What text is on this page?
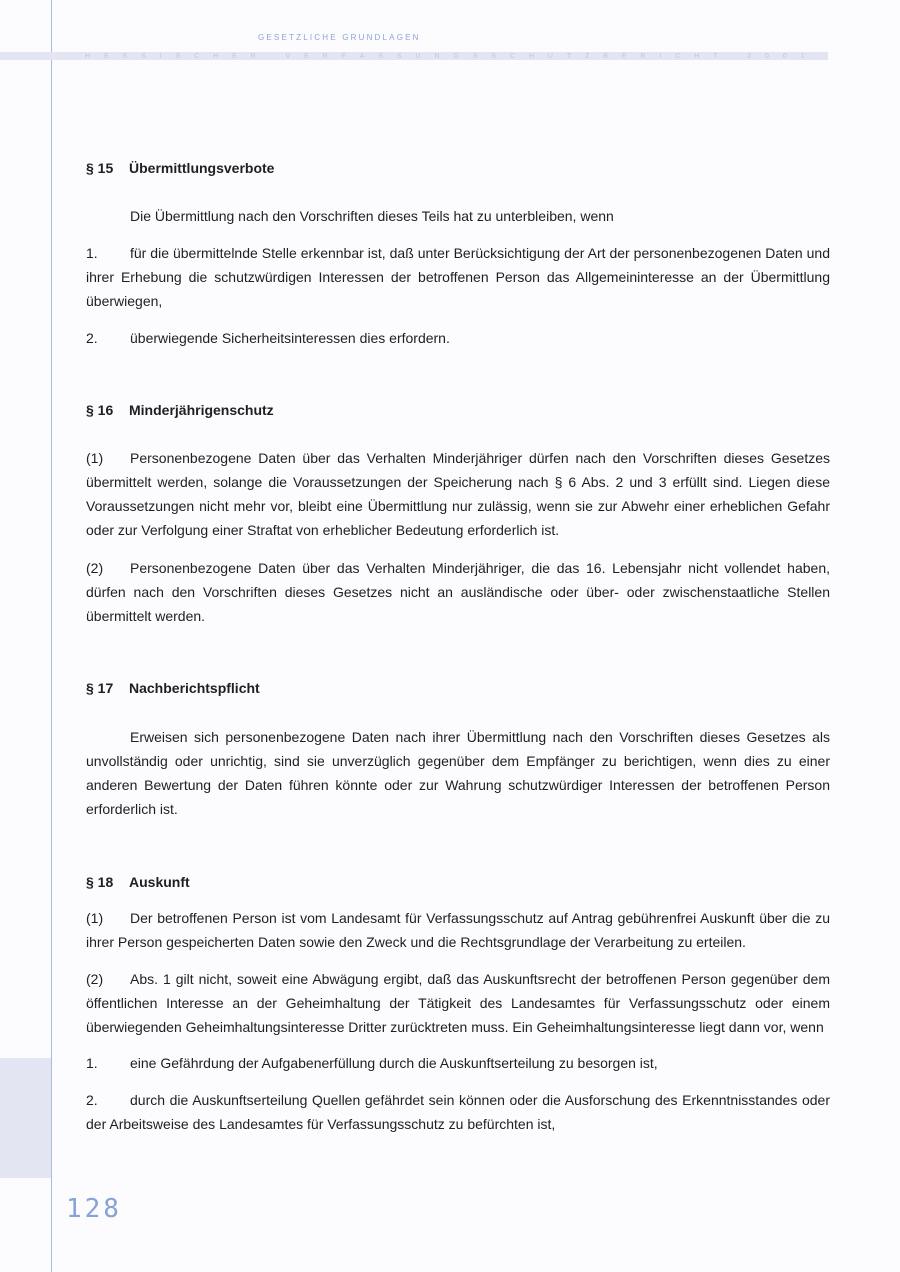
GESETZLICHE GRUNDLAGEN
H E S S I S C H E R
	V E R F A S S U N G S S C H U T Z B E R I C H T
	2 0 0 1
§ 15 Übermittlungsverbote

Die Übermittlung nach den Vorschriften dieses Teils hat zu unterbleiben, wenn

1. für die übermittelnde Stelle erkennbar ist, daß unter Berücksichtigung der Art der personenbezogenen Daten und ihrer Erhebung die schutzwürdigen Interessen der betroffenen Person das Allgemeininteresse an der Übermittlung überwiegen,

2. überwiegende Sicherheitsinteressen dies erfordern.

§ 16 Minderjährigenschutz

(1) Personenbezogene Daten über das Verhalten Minderjähriger dürfen nach den Vorschriften dieses Gesetzes übermittelt werden, solange die Voraussetzungen der Speicherung nach § 6 Abs. 2 und 3 erfüllt sind. Liegen diese Voraussetzungen nicht mehr vor, bleibt eine Übermittlung nur zulässig, wenn sie zur Abwehr einer erheblichen Gefahr oder zur Verfolgung einer Straftat von erheblicher Bedeutung erforderlich ist.

(2) Personenbezogene Daten über das Verhalten Minderjähriger, die das 16. Lebensjahr nicht vollendet haben, dürfen nach den Vorschriften dieses Gesetzes nicht an ausländische oder über- oder zwischenstaatliche Stellen übermittelt werden.

§ 17 Nachberichtspflicht

Erweisen sich personenbezogene Daten nach ihrer Übermittlung nach den Vorschriften dieses Gesetzes als unvollständig oder unrichtig, sind sie unverzüglich gegenüber dem Empfänger zu berichtigen, wenn dies zu einer anderen Bewertung der Daten führen könnte oder zur Wahrung schutzwürdiger Interessen der betroffenen Person erforderlich ist.

§ 18 Auskunft

(1) Der betroffenen Person ist vom Landesamt für Verfassungsschutz auf Antrag gebührenfrei Auskunft über die zu ihrer Person gespeicherten Daten sowie den Zweck und die Rechtsgrundlage der Verarbeitung zu erteilen.

(2) Abs. 1 gilt nicht, soweit eine Abwägung ergibt, daß das Auskunftsrecht der betroffenen Person gegenüber dem öffentlichen Interesse an der Geheimhaltung der Tätigkeit des Landesamtes für Verfassungsschutz oder einem überwiegenden Geheimhaltungsinteresse Dritter zurücktreten muss. Ein Geheimhaltungsinteresse liegt dann vor, wenn

1. eine Gefährdung der Aufgabenerfüllung durch die Auskunftserteilung zu besorgen ist,

2. durch die Auskunftserteilung Quellen gefährdet sein können oder die Ausforschung des Erkenntnisstandes oder der Arbeitsweise des Landesamtes für Verfassungsschutz zu befürchten ist,

128
